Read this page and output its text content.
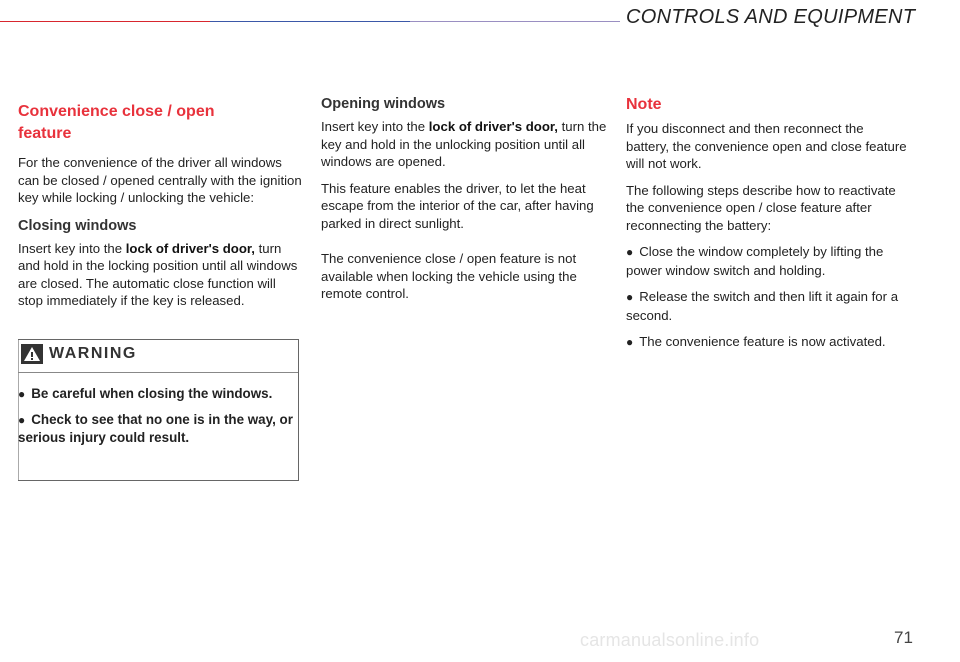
CONTROLS AND EQUIPMENT
Convenience close / open feature

For the convenience of the driver all windows can be closed / opened centrally with the ignition key while locking / unlocking the vehicle:

Closing windows

Insert key into the lock of driver's door, turn and hold in the locking position until all windows are closed. The automatic close function will stop immediately if the key is released.

WARNING

● Be careful when closing the windows.

● Check to see that no one is in the way, or serious injury could result.

Opening windows

Insert key into the lock of driver's door, turn the key and hold in the unlocking position until all windows are opened.

This feature enables the driver, to let the heat escape from the interior of the car, after having parked in direct sunlight.

The convenience close / open feature is not available when locking the vehicle using the remote control.

Note

If you disconnect and then reconnect the battery, the convenience open and close feature will not work.

The following steps describe how to reactivate the convenience open / close feature after reconnecting the battery:

● Close the window completely by lifting the power window switch and holding.

● Release the switch and then lift it again for a second.

● The convenience feature is now activated.

carmanualsonline.info	71
